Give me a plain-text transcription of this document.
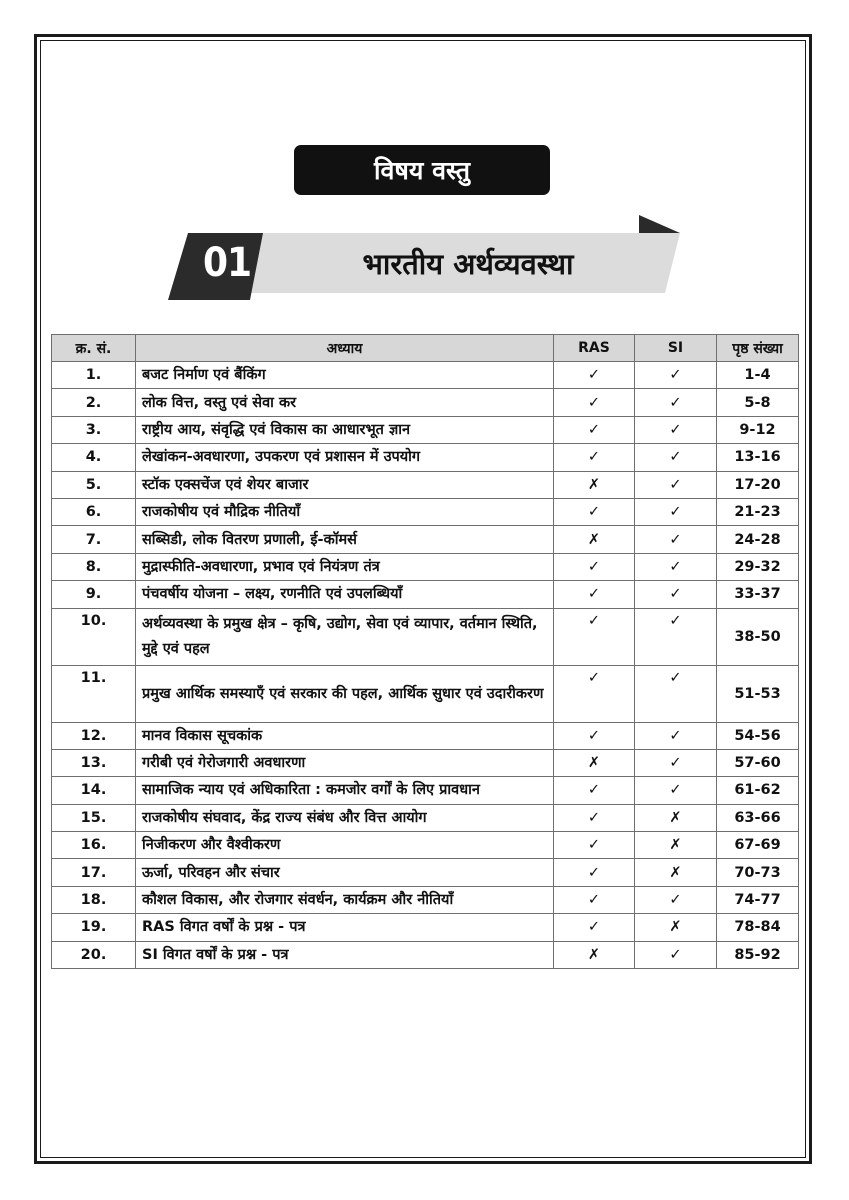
विषय वस्तु
01	भारतीय अर्थव्यवस्था
क्र. सं.	अध्याय	RAS	SI	पृष्ठ संख्या
1.	बजट निर्माण एवं बैंकिंग	✓	✓	1-4
2.	लोक वित्त, वस्तु एवं सेवा कर	✓	✓	5-8
3.	राष्ट्रीय आय, संवृद्धि एवं विकास का आधारभूत ज्ञान	✓	✓	9-12
4.	लेखांकन-अवधारणा, उपकरण एवं प्रशासन में उपयोग	✓	✓	13-16
5.	स्टॉक एक्सचेंज एवं शेयर बाजार	✗	✓	17-20
6.	राजकोषीय एवं मौद्रिक नीतियाँ	✓	✓	21-23
7.	सब्सिडी, लोक वितरण प्रणाली, ई-कॉमर्स	✗	✓	24-28
8.	मुद्रास्फीति-अवधारणा, प्रभाव एवं नियंत्रण तंत्र	✓	✓	29-32
9.	पंचवर्षीय योजना – लक्ष्य, रणनीति एवं उपलब्धियाँ	✓	✓	33-37
10.	अर्थव्यवस्था के प्रमुख क्षेत्र – कृषि, उद्योग, सेवा एवं व्यापार, वर्तमान स्थिति, मुद्दे एवं पहल	✓	✓	38-50
11.	प्रमुख आर्थिक समस्याएँ एवं सरकार की पहल, आर्थिक सुधार एवं उदारीकरण	✓	✓	51-53
12.	मानव विकास सूचकांक	✓	✓	54-56
13.	गरीबी एवं गेरोजगारी अवधारणा	✗	✓	57-60
14.	सामाजिक न्याय एवं अधिकारिता : कमजोर वर्गों के लिए प्रावधान	✓	✓	61-62
15.	राजकोषीय संघवाद, केंद्र राज्य संबंध और वित्त आयोग	✓	✗	63-66
16.	निजीकरण और वैश्वीकरण	✓	✗	67-69
17.	ऊर्जा, परिवहन और संचार	✓	✗	70-73
18.	कौशल विकास, और रोजगार संवर्धन, कार्यक्रम और नीतियाँ	✓	✓	74-77
19.	RAS विगत वर्षों के प्रश्न - पत्र	✓	✗	78-84
20.	SI विगत वर्षों के प्रश्न - पत्र	✗	✓	85-92
